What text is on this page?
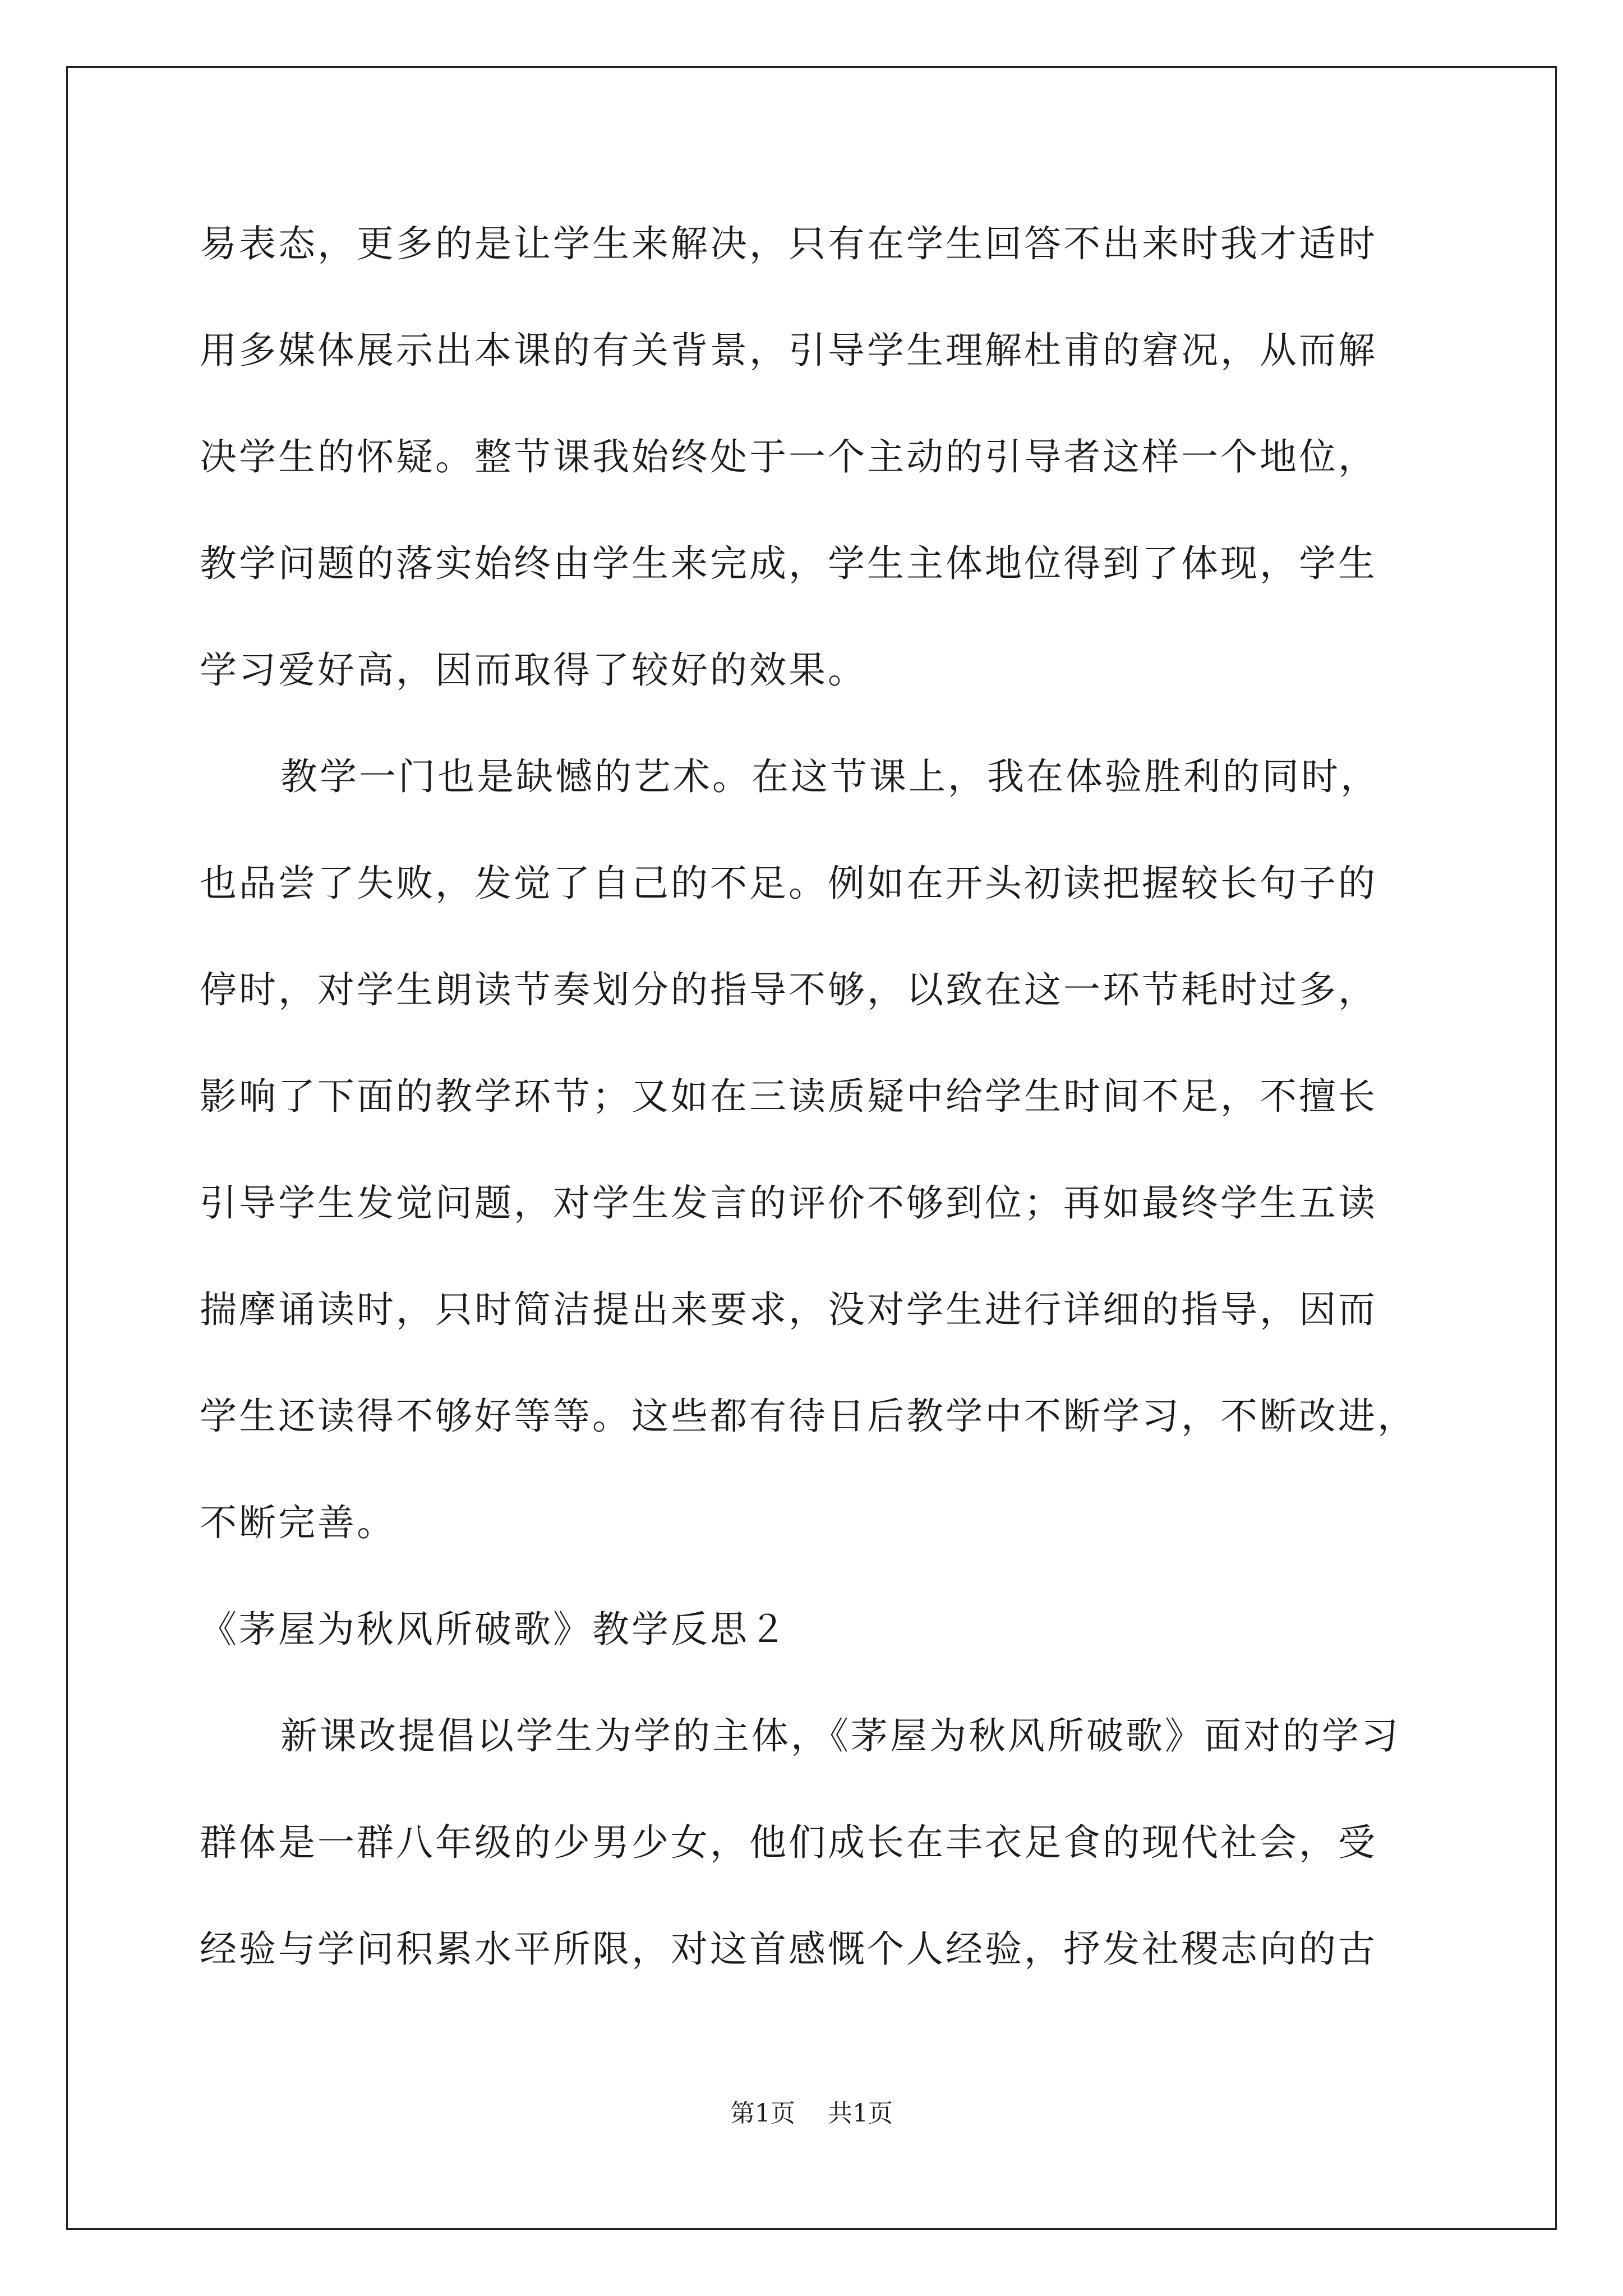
易表态，更多的是让学生来解决，只有在学生回答不出来时我才适时
用多媒体展示出本课的有关背景，引导学生理解杜甫的窘况，从而解
决学生的怀疑。整节课我始终处于一个主动的引导者这样一个地位，
教学问题的落实始终由学生来完成，学生主体地位得到了体现，学生
学习爱好高，因而取得了较好的效果。
教学一门也是缺憾的艺术。在这节课上，我在体验胜利的同时，
也品尝了失败，发觉了自己的不足。例如在开头初读把握较长句子的
停时，对学生朗读节奏划分的指导不够，以致在这一环节耗时过多，
影响了下面的教学环节；又如在三读质疑中给学生时间不足，不擅长
引导学生发觉问题，对学生发言的评价不够到位；再如最终学生五读
揣摩诵读时，只时简洁提出来要求，没对学生进行详细的指导，因而
学生还读得不够好等等。这些都有待日后教学中不断学习，不断改进，
不断完善。
《茅屋为秋风所破歌》教学反思２
新课改提倡以学生为学的主体，《茅屋为秋风所破歌》面对的学习
群体是一群八年级的少男少女，他们成长在丰衣足食的现代社会，受
经验与学问积累水平所限，对这首感慨个人经验，抒发社稷志向的古
第1页 共1页
